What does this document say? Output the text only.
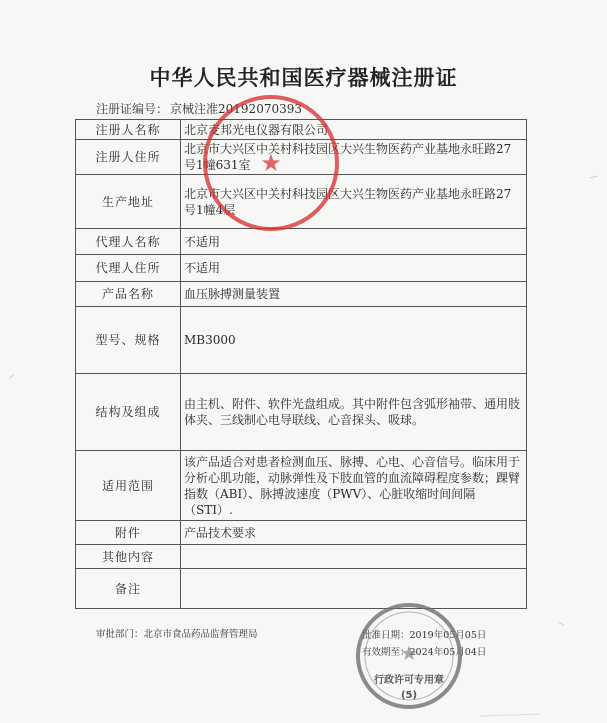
中华人民共和国医疗器械注册证
注册证编号： 京械注准20192070393
注册人名称	北京麦邦光电仪器有限公司
注册人住所	北京市大兴区中关村科技园区大兴生物医药产业基地永旺路27号1幢631室
生产地址	北京市大兴区中关村科技园区大兴生物医药产业基地永旺路27号1幢4层
代理人名称	不适用
代理人住所	不适用
产品名称	血压脉搏测量装置
型号、规格	MB3000
结构及组成	由主机、附件、软件光盘组成。其中附件包含弧形袖带、通用肢体夹、三线制心电导联线、心音探头、吸球。
适用范围	该产品适合对患者检测血压、脉搏、心电、心音信号。临床用于分析心肌功能，动脉弹性及下肢血管的血流障碍程度参数；踝臂指数（ABI）、脉搏波速度（PWV）、心脏收缩时间间隔（STI）.
附件	产品技术要求
其他内容	
备注	
审批部门：北京市食品药品监督管理局	批准日期：2019年05月05日
有效期至：2024年05月04日
★
★
行政许可专用章
(5)
